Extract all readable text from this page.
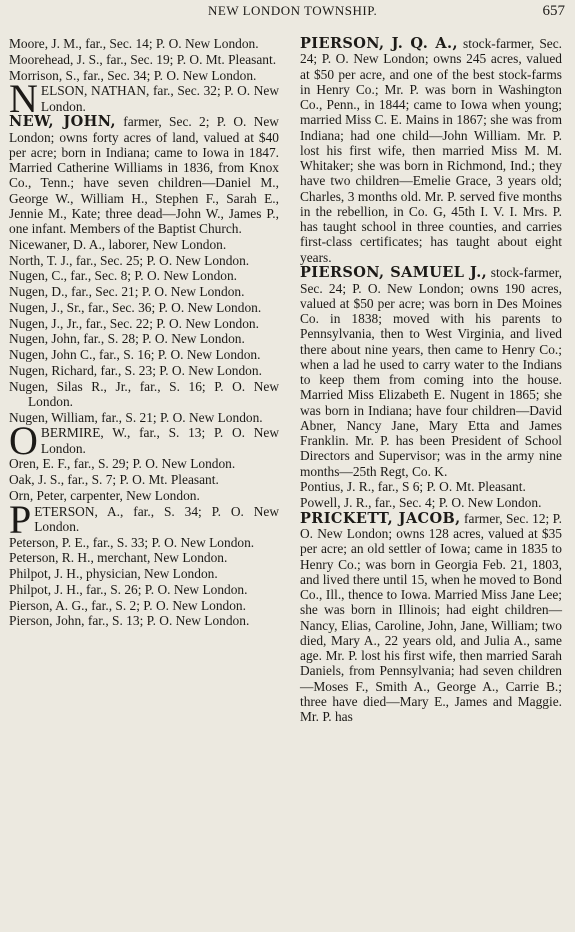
NEW LONDON TOWNSHIP.	657

Moore, J. M., far., Sec. 14; P. O. New London.

Moorehead, J. S., far., Sec. 19; P. O. Mt. Pleasant.

Morrison, S., far., Sec. 34; P. O. New London.

NELSON, NATHAN, far., Sec. 32; P. O. New London.

NEW, JOHN, farmer, Sec. 2; P. O. New London; owns forty acres of land, valued at $40 per acre; born in Indiana; came to Iowa in 1847. Married Catherine Williams in 1836, from Knox Co., Tenn.; have seven children—Daniel M., George W., William H., Stephen F., Sarah E., Jennie M., Kate; three dead—John W., James P., one infant. Members of the Baptist Church.

Nicewaner, D. A., laborer, New London.

North, T. J., far., Sec. 25; P. O. New London.

Nugen, C., far., Sec. 8; P. O. New London.

Nugen, D., far., Sec. 21; P. O. New London.

Nugen, J., Sr., far., Sec. 36; P. O. New London.

Nugen, J., Jr., far., Sec. 22; P. O. New London.

Nugen, John, far., S. 28; P. O. New London.

Nugen, John C., far., S. 16; P. O. New London.

Nugen, Richard, far., S. 23; P. O. New London.

Nugen, Silas R., Jr., far., S. 16; P. O. New London.

Nugen, William, far., S. 21; P. O. New London.

OBERMIRE, W., far., S. 13; P. O. New London.

Oren, E. F., far., S. 29; P. O. New London.

Oak, J. S., far., S. 7; P. O. Mt. Pleasant.

Orn, Peter, carpenter, New London.

PETERSON, A., far., S. 34; P. O. New London.

Peterson, P. E., far., S. 33; P. O. New London.

Peterson, R. H., merchant, New London.

Philpot, J. H., physician, New London.

Philpot, J. H., far., S. 26; P. O. New London.

Pierson, A. G., far., S. 2; P. O. New London.

Pierson, John, far., S. 13; P. O. New London.

PIERSON, J. Q. A., stock-farmer, Sec. 24; P. O. New London; owns 245 acres, valued at $50 per acre, and one of the best stock-farms in Henry Co.; Mr. P. was born in Washington Co., Penn., in 1844; came to Iowa when young; married Miss C. E. Mains in 1867; she was from Indiana; had one child—John William. Mr. P. lost his first wife, then married Miss M. M. Whitaker; she was born in Richmond, Ind.; they have two children—Emelie Grace, 3 years old; Charles, 3 months old. Mr. P. served five months in the rebellion, in Co. G, 45th I. V. I. Mrs. P. has taught school in three counties, and carries first-class certificates; has taught about eight years.

PIERSON, SAMUEL J., stock-farmer, Sec. 24; P. O. New London; owns 190 acres, valued at $50 per acre; was born in Des Moines Co. in 1838; moved with his parents to Pennsylvania, then to West Virginia, and lived there about nine years, then came to Henry Co.; when a lad he used to carry water to the Indians to keep them from coming into the house. Married Miss Elizabeth E. Nugent in 1865; she was born in Indiana; have four children—David Abner, Nancy Jane, Mary Etta and James Franklin. Mr. P. has been President of School Directors and Supervisor; was in the army nine months—25th Regt, Co. K.

Pontius, J. R., far., S 6; P. O. Mt. Pleasant.

Powell, J. R., far., Sec. 4; P. O. New London.

PRICKETT, JACOB, farmer, Sec. 12; P. O. New London; owns 128 acres, valued at $35 per acre; an old settler of Iowa; came in 1835 to Henry Co.; was born in Georgia Feb. 21, 1803, and lived there until 15, when he moved to Bond Co., Ill., thence to Iowa. Married Miss Jane Lee; she was born in Illinois; had eight children—Nancy, Elias, Caroline, John, Jane, William; two died, Mary A., 22 years old, and Julia A., same age. Mr. P. lost his first wife, then married Sarah Daniels, from Pennsylvania; had seven children—Moses F., Smith A., George A., Carrie B.; three have died—Mary E., James and Maggie. Mr. P. has
